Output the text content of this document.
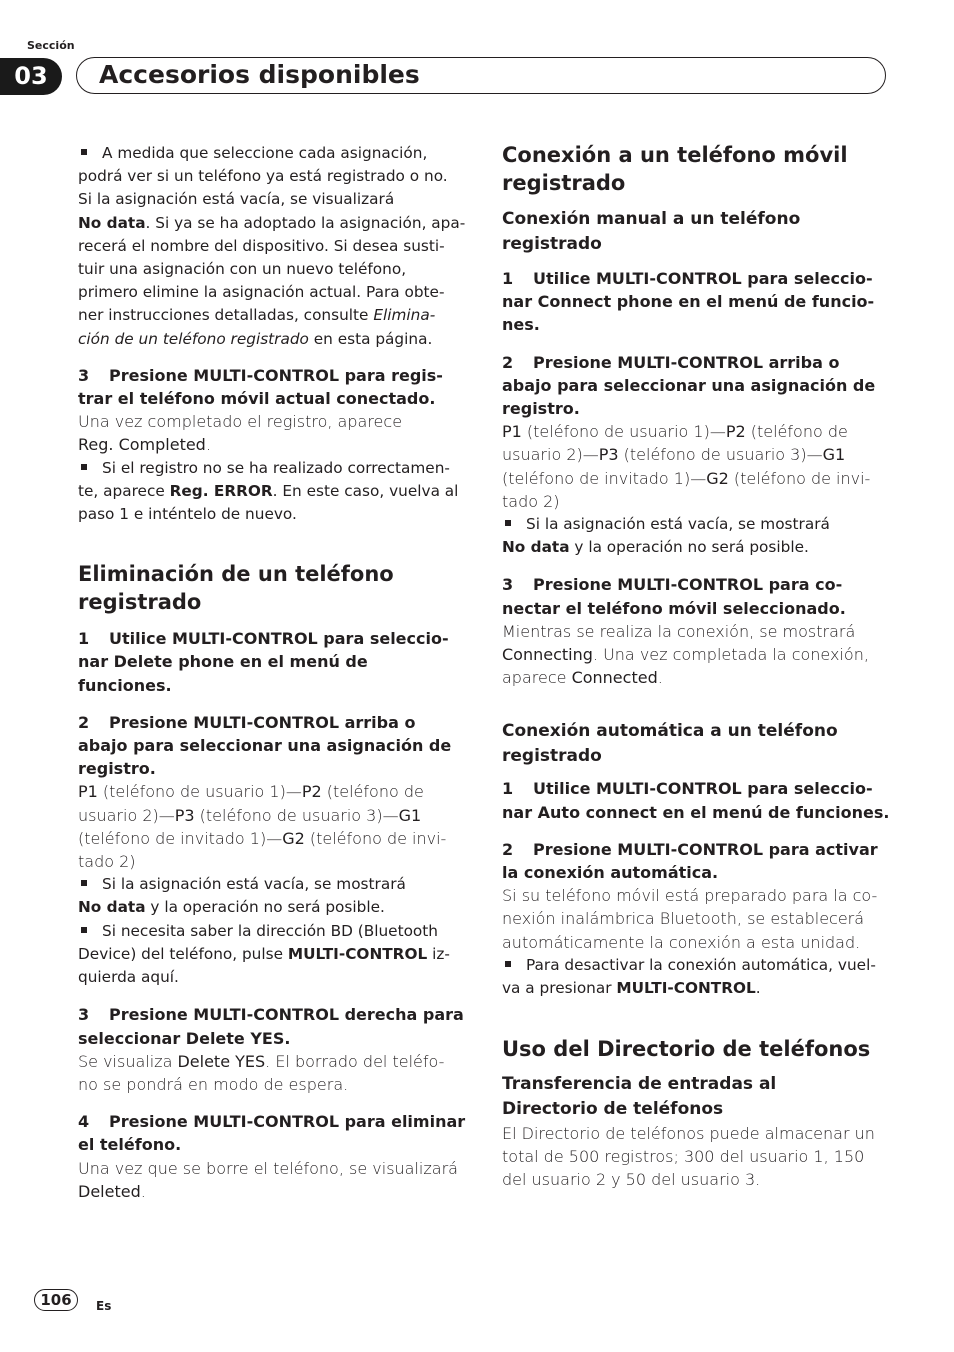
Sección
03	Accesorios disponibles

A medida que seleccione cada asignación,

podrá ver si un teléfono ya está registrado o no.

Si la asignación está vacía, se visualizará

No data. Si ya se ha adoptado la asignación, apa-

recerá el nombre del dispositivo. Si desea susti-

tuir una asignación con un nuevo teléfono,

primero elimine la asignación actual. Para obte-

ner instrucciones detalladas, consulte Elimina-

ción de un teléfono registrado en esta página.

3 Presione MULTI-CONTROL para regis-

trar el teléfono móvil actual conectado.

Una vez completado el registro, aparece

Reg. Completed.

Si el registro no se ha realizado correctamen-

te, aparece Reg. ERROR. En este caso, vuelva al

paso 1 e inténtelo de nuevo.

Eliminación de un teléfono
registrado

1 Utilice MULTI-CONTROL para seleccio-

nar Delete phone en el menú de funciones.

2 Presione MULTI-CONTROL arriba o

abajo para seleccionar una asignación de

registro.

P1 (teléfono de usuario 1)—P2 (teléfono de

usuario 2)—P3 (teléfono de usuario 3)—G1

(teléfono de invitado 1)—G2 (teléfono de invi-

tado 2)

Si la asignación está vacía, se mostrará

No data y la operación no será posible.

Si necesita saber la dirección BD (Bluetooth

Device) del teléfono, pulse MULTI-CONTROL iz-

quierda aquí.

3 Presione MULTI-CONTROL derecha para

seleccionar Delete YES.

Se visualiza Delete YES. El borrado del teléfo-

no se pondrá en modo de espera.

4 Presione MULTI-CONTROL para eliminar

el teléfono.

Una vez que se borre el teléfono, se visualizará

Deleted.

Conexión a un teléfono móvil
registrado
Conexión manual a un teléfono
registrado

1 Utilice MULTI-CONTROL para seleccio-

nar Connect phone en el menú de funcio-

nes.

2 Presione MULTI-CONTROL arriba o

abajo para seleccionar una asignación de

registro.

P1 (teléfono de usuario 1)—P2 (teléfono de

usuario 2)—P3 (teléfono de usuario 3)—G1

(teléfono de invitado 1)—G2 (teléfono de invi-

tado 2)

Si la asignación está vacía, se mostrará

No data y la operación no será posible.

3 Presione MULTI-CONTROL para co-

nectar el teléfono móvil seleccionado.

Mientras se realiza la conexión, se mostrará

Connecting. Una vez completada la conexión,

aparece Connected.

Conexión automática a un teléfono
registrado

1 Utilice MULTI-CONTROL para seleccio-

nar Auto connect en el menú de funciones.

2 Presione MULTI-CONTROL para activar

la conexión automática.

Si su teléfono móvil está preparado para la co-

nexión inalámbrica Bluetooth, se establecerá

automáticamente la conexión a esta unidad.

Para desactivar la conexión automática, vuel-

va a presionar MULTI-CONTROL.

Uso del Directorio de teléfonos
Transferencia de entradas al
Directorio de teléfonos

El Directorio de teléfonos puede almacenar un

total de 500 registros; 300 del usuario 1, 150

del usuario 2 y 50 del usuario 3.

106	Es
